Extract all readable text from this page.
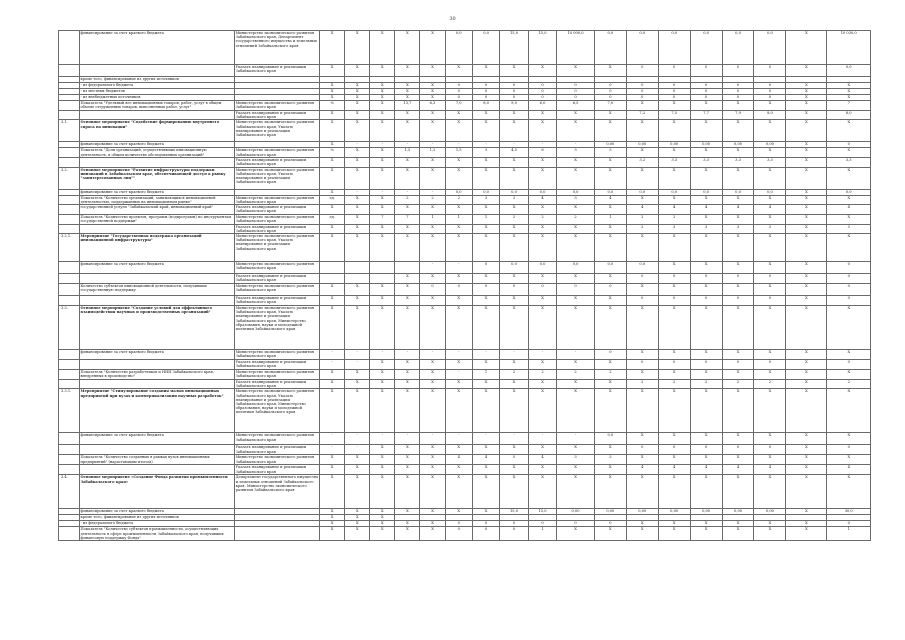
30
	финансирование за счет краевого бюджета	Министерство экономического развития Забайкальского края, Департамент государственного имущества и земельных отношений Забайкальского края	Х	Х	Х	Х	Х	0,0	0,0	15,0	15,0	10 000,0	0,0	0,0	0,0	0,0	0,0	0,0	Х	10 030,0
		Указать планирование и реализации Забайкальского края	Х	Х	Х	Х	Х	Х	Х	Х	Х	Х	Х	0	0	0	0	0	Х	0,0
	кроме того, финансирование из других источников																			
	- из федерального бюджета		Х	Х	Х	Х	Х	0	0	0	0	0	0	0	0	0	0	0	Х	Х
	- из местных бюджетов		Х	Х	Х	Х	Х	0	0	0	0	0	0	0	0	0	0	0	Х	Х
	- из внебюджетных источников		Х	Х	Х	Х	Х	0	0	0	0	0	0	0	0	0	0	0	Х	Х
	Показатель "Удельный вес инновационных товаров, работ, услуг в общем объеме отгруженных товаров, выполненных работ, услуг"	Министерство экономического развития Забайкальского края	%	Х	Х	13,7	6,3	7,0	8,0	9,0	6,0	6,5	7,0	Х	Х	Х	Х	Х	Х	7
		Указать планирование и реализации Забайкальского края	Х	Х	Х	Х	Х	Х	Х	Х	Х	Х	Х	7,2	7,5	7,7	7,9	8,0	Х	8,0
3.1.	Основное мероприятие "Содействие формированию внутреннего спроса на инновации"	Министерство экономического развития Забайкальского края, Указать планирование и реализации Забайкальского края	Х	Х	Х	Х	Х	Х	Х	Х	Х	Х	Х	Х	Х	Х	Х	Х	Х	Х
	финансирование за счет краевого бюджета		Х	-	-	-	-	-	-	-	-	-	0,00	0,00	0,00	0,00	0,00	0,00	Х	0
	Показатель "Доля организаций, осуществлявших инновационную деятельность, в общем количестве обследованных организаций"	Министерство экономического развития Забайкальского края	%	Х	Х	1,5	1,2	1,5	3	4,5	6	3	5	Х	Х	Х	Х	Х	Х	Х
		Указать планирование и реализации Забайкальского края	Х	Х	Х	Х	Х	Х	Х	Х	Х	Х	Х	3,2	3,3	3,3	3,3	3,3	Х	3,3
3.2.	Основное мероприятие "Развитие инфраструктуры поддержки инноваций в Забайкальском крае, обеспечивающей доступ к рынку "заинтересованных лиц""	Министерство экономического развития Забайкальского края, Указать планирование и реализации Забайкальского края	Х	Х	Х	Х	Х	Х	Х	Х	Х	Х	Х	Х	Х	Х	Х	Х	Х	Х
	финансирование за счет краевого бюджета		Х	-	-	-	-	0,0	0,0	0,0	0,0	0,0	0,0	0,0	0,0	0,0	0,0	0,0	Х	0,0
	Показатель "Количество организаций, занимающихся инновационной деятельностью, поддержанных на инновационном рынке"	Министерство экономического развития Забайкальского края	ед.	Х	Х	2	2	2	3	3	4	3	4	Х	Х	Х	Х	Х	Х	Х
	государственной услуги "Забайкальский край, инновационный край"	Указать планирование и реализации Забайкальского края	Х	Х	Х	Х	Х	Х	Х	Х	Х	Х	Х	4	4	4	4	4	Х	4
	Показатель "Количество проектов, программ (подпрограмм) по инструментам государственной поддержки"	Министерство экономического развития Забайкальского края	ед.	Х	7	7	1	1	1	2	2	2	1	2	2	Х	Х	Х	Х	Х
		Указать планирование и реализации Забайкальского края	Х	Х	Х	Х	Х	Х	Х	Х	Х	Х	Х	2	3	3	3	3	Х	3
3.2.1.	Мероприятие "Государственная поддержка организаций инновационной инфраструктуры"	Министерство экономического развития Забайкальского края, Указать планирование и реализации Забайкальского края	Х	Х	Х	Х	Х	Х	Х	Х	Х	Х	Х	Х	Х	Х	Х	Х	Х	Х
	финансирование за счет краевого бюджета	Министерство экономического развития Забайкальского края					-	-	0	0,0	0,0	0,0	0,0	0,0	Х	Х	Х	Х	Х	0
		Указать планирование и реализации Забайкальского края				Х	Х	Х	Х	Х	Х	Х	Х	0	0	0	0	0	Х	0
	Количество субъектов инновационной деятельности, получивших государственную поддержку	Министерство экономического развития Забайкальского края	Х	Х	Х	Х	0	0	0	0	0	0	0	Х	Х	Х	Х	Х	Х	0
		Указать планирование и реализации Забайкальского края	Х	Х	Х	Х	Х	Х	Х	Х	Х	Х	Х	0	0	0	0	0	Х	0
3.3.	Основное мероприятие "Создание условий для эффективного взаимодействия научных и производственных организаций"	Министерство экономического развития Забайкальского края, Указать планирование и реализации Забайкальского края, Министерство образования, науки и молодежной политики Забайкальского края	Х	Х	Х	Х	Х	Х	Х	Х	Х	Х	Х	Х	Х	Х	Х	Х	Х	Х
	финансирование за счет краевого бюджета	Министерство экономического развития Забайкальского края	-	-	-	-	-	-	-	-	-	-	0	Х	Х	Х	Х	Х	Х	Х
		Указать планирование и реализации Забайкальского края	-	-	Х	Х	Х	Х	Х	Х	Х	Х	Х	0	0	0	0	0	Х	0
	Показатель "Количество разработчиков и НИИ Забайкальского края, внедренных в производство"	Министерство экономического развития Забайкальского края	Х	Х	Х	Х	Х	-	1	2	2	2	2	Х	Х	Х	Х	Х	Х	Х
		Указать планирование и реализации Забайкальского края	Х	Х	Х	Х	Х	Х	Х	Х	Х	Х	Х	2	2	2	2	2	Х	2
3.3.1.	Мероприятие "Стимулирование создания малых инновационных предприятий при вузах и коммерциализации научных разработок"	Министерство экономического развития Забайкальского края, Указать планирование и реализации Забайкальского края, Министерство образования, науки и молодежной политики Забайкальского края	Х	Х	Х	Х	Х	Х	Х	Х	Х	Х	Х	Х	Х	Х	Х	Х	Х	Х
	финансирование за счет краевого бюджета	Министерство экономического развития Забайкальского края	-	-	-	-	-	-	-	-	-	-	0,0	Х	Х	Х	Х	Х	Х	Х
		Указать планирование и реализации Забайкальского края	-	-	Х	Х	Х	Х	Х	Х	Х	Х	Х	0	0	0	0	0	Х	0
	Показатель "Количество созданных в рамках вузов инновационных предприятий" (нарастающим итогом)	Министерство экономического развития Забайкальского края	Х	Х	Х	Х	Х	4	4	5	4	3	3	Х	Х	Х	Х	Х	Х	Х
		Указать планирование и реализации Забайкальского края	Х	Х	Х	Х	Х	Х	Х	Х	Х	Х	Х	4	4	4	4	4	Х	4
3.4.	Основное мероприятие «Создание Фонда развития промышленности Забайкальского края»	Департамент государственного имущества и земельных отношений Забайкальского края, Министерство экономического развития Забайкальского края	Х	Х	Х	Х	Х	Х	Х	Х	Х	Х	Х	Х	Х	Х	Х	Х	Х	Х
	финансирование за счет краевого бюджета		Х	Х	Х	Х	Х	Х	Х	15,0	15,0	0,00	0,00	0,00	0,00	0,00	0,00	0,00	Х	30,0
	кроме того, финансирование из других источников		Х	Х	Х															
	- из федерального бюджета		Х	Х	Х	Х	Х	0	0	0	0	0	0	Х	Х	Х	Х	Х	Х	0
	Показатель "Количество субъектов промышленности, осуществляющих деятельность в сфере промышленности Забайкальского края, получивших финансовую поддержку Фонда"		Х	Х	Х	Х	Х	0	0	0	1	Х	Х	Х	Х	Х	Х	Х	Х	1
